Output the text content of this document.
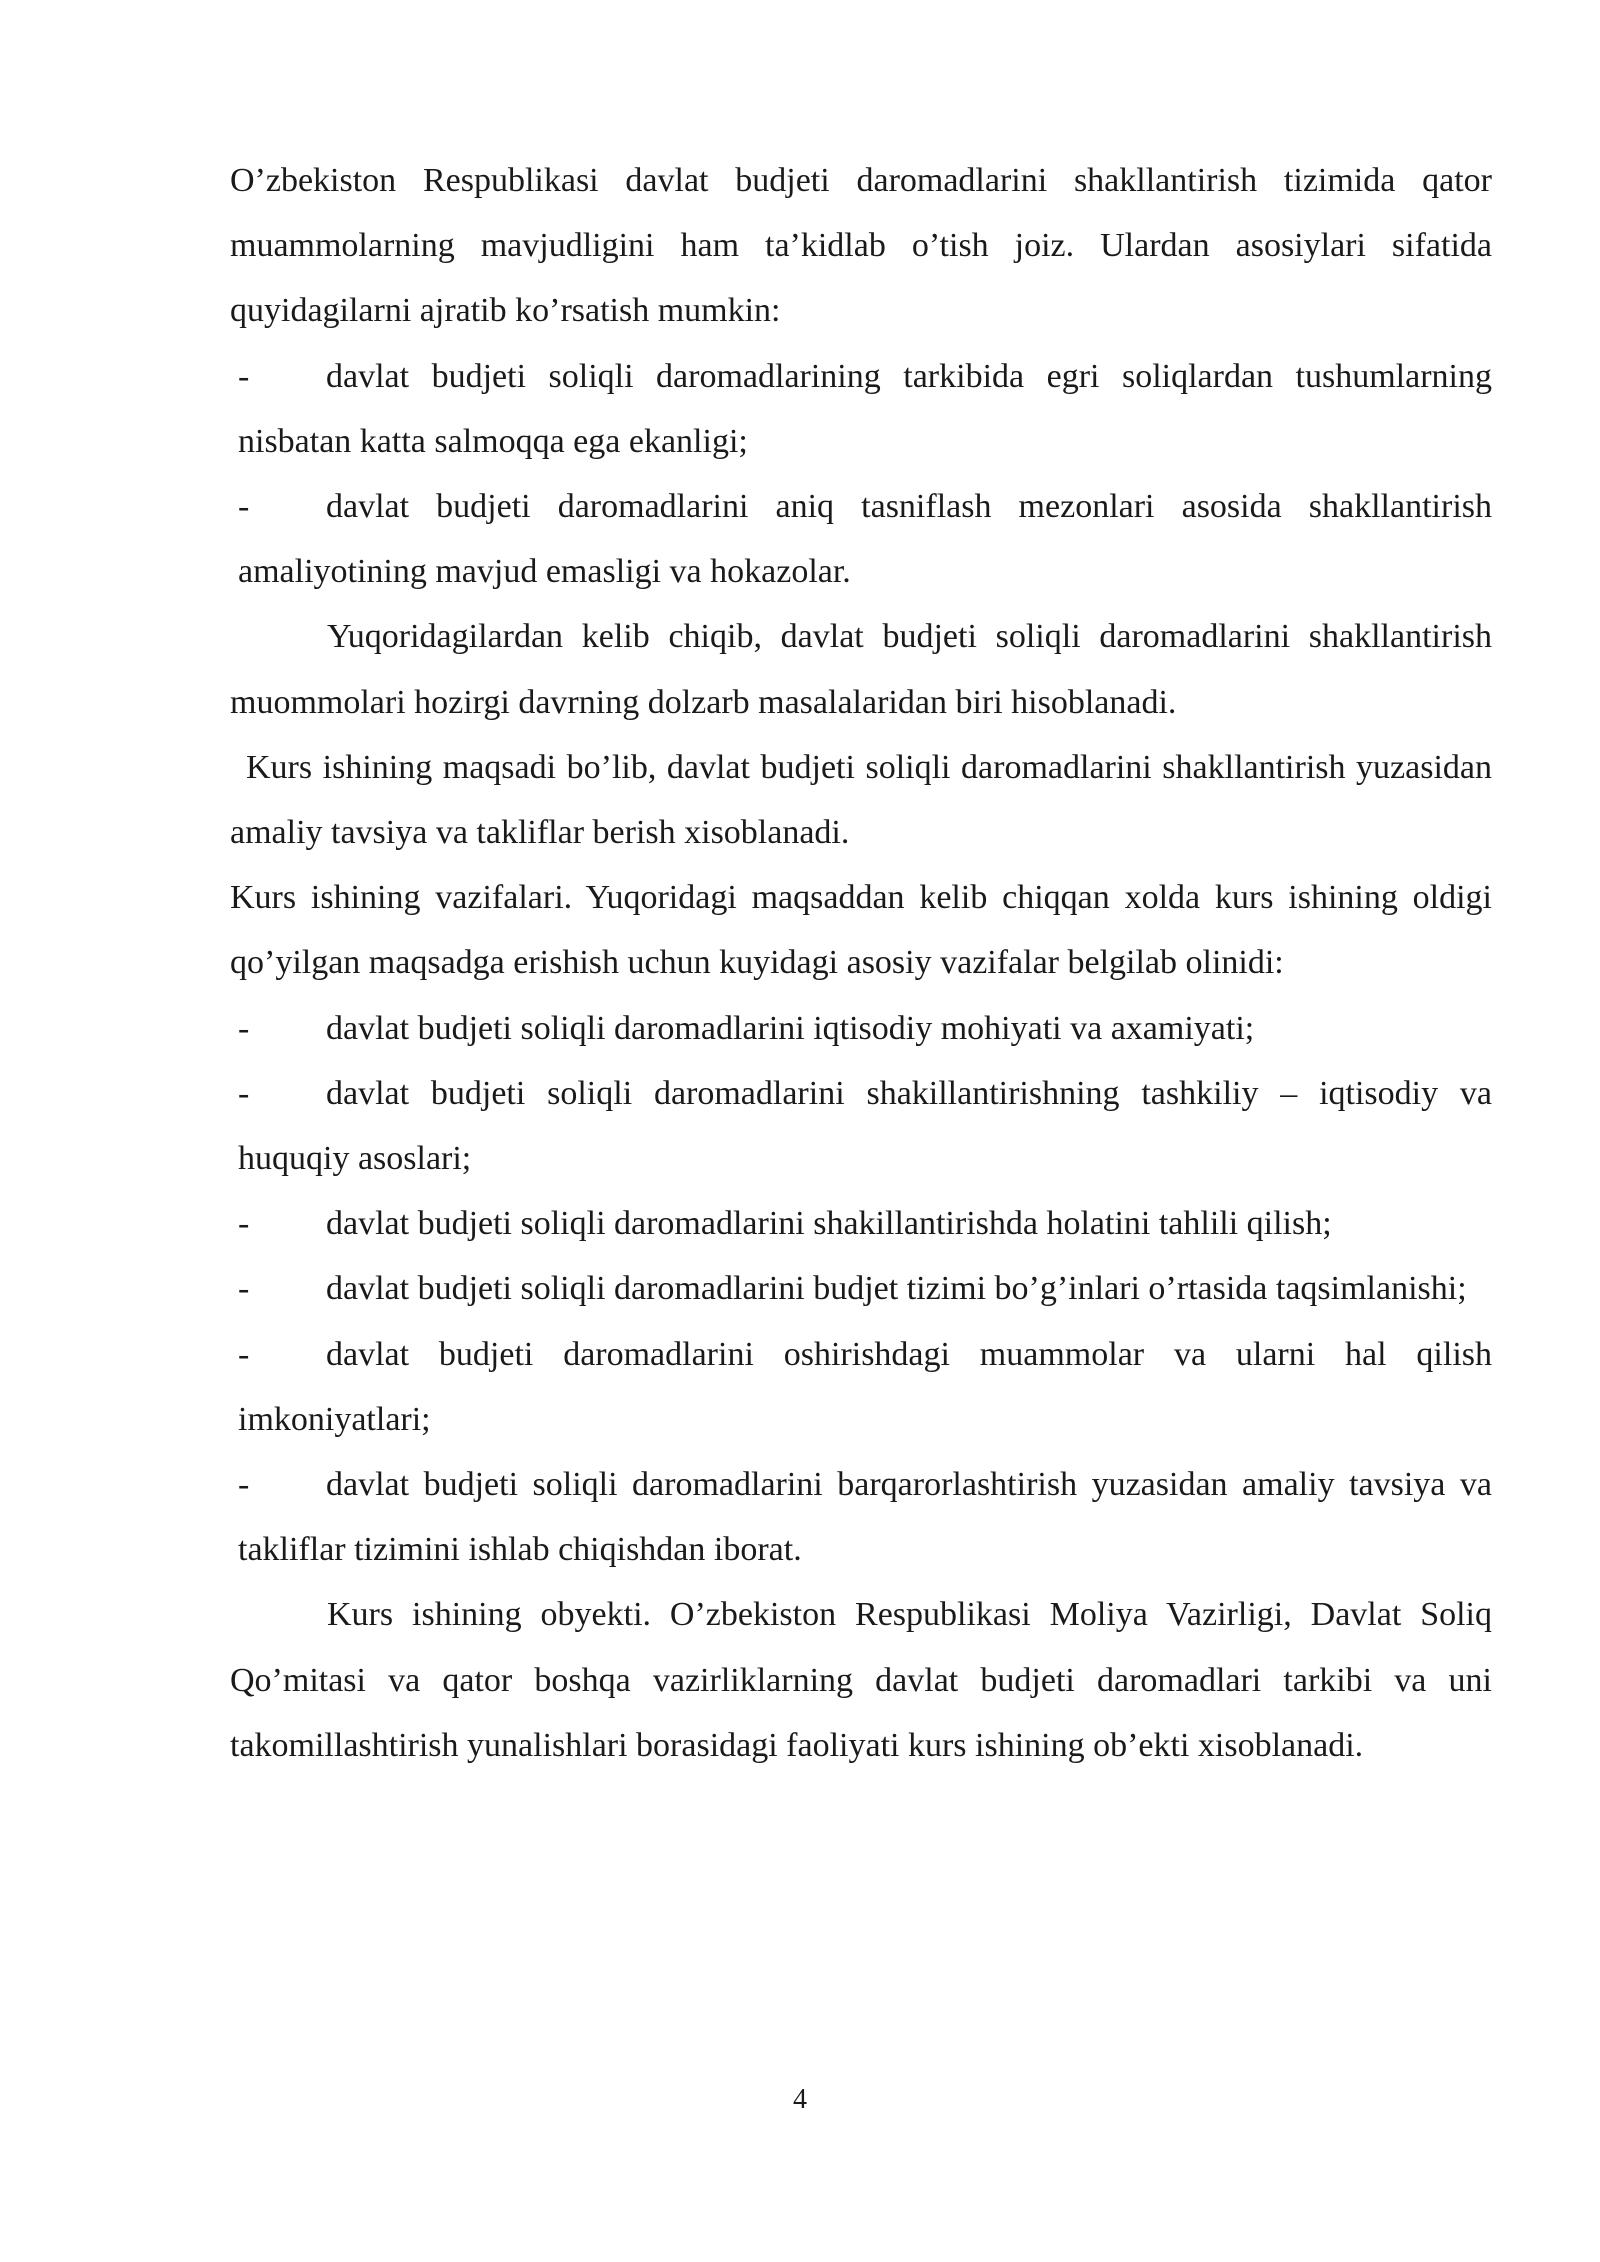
O’zbekiston Respublikasi davlat budjeti daromadlarini shakllantirish tizimida qator muammolarning mavjudligini ham ta’kidlab o’tish joiz. Ulardan asosiylari sifatida quyidagilarni ajratib ko’rsatish mumkin:

- davlat budjeti soliqli daromadlarining tarkibida egri soliqlardan tushumlarning nisbatan katta salmoqqa ega ekanligi;
- davlat budjeti daromadlarini aniq tasniflash mezonlari asosida shakllantirish amaliyotining mavjud emasligi va hokazolar.

Yuqoridagilardan kelib chiqib, davlat budjeti soliqli daromadlarini shakllantirish muommolari hozirgi davrning dolzarb masalalaridan biri hisoblanadi.

Kurs ishining maqsadi bo’lib, davlat budjeti soliqli daromadlarini shakllantirish yuzasidan amaliy tavsiya va takliflar berish xisoblanadi.

Kurs ishining vazifalari. Yuqoridagi maqsaddan kelib chiqqan xolda kurs ishining oldigi qo’yilgan maqsadga erishish uchun kuyidagi asosiy vazifalar belgilab olinidi:

- davlat budjeti soliqli daromadlarini iqtisodiy mohiyati va axamiyati;
- davlat budjeti soliqli daromadlarini shakillantirishning tashkiliy – iqtisodiy va huquqiy asoslari;
- davlat budjeti soliqli daromadlarini shakillantirishda holatini tahlili qilish;
- davlat budjeti soliqli daromadlarini budjet tizimi bo’g’inlari o’rtasida taqsimlanishi;
- davlat budjeti daromadlarini oshirishdagi muammolar va ularni hal qilish imkoniyatlari;
- davlat budjeti soliqli daromadlarini barqarorlashtirish yuzasidan amaliy tavsiya va takliflar tizimini ishlab chiqishdan iborat.

Kurs ishining obyekti. O’zbekiston Respublikasi Moliya Vazirligi, Davlat Soliq Qo’mitasi va qator boshqa vazirliklarning davlat budjeti daromadlari tarkibi va uni takomillashtirish yunalishlari borasidagi faoliyati kurs ishining ob’ekti xisoblanadi.

4
